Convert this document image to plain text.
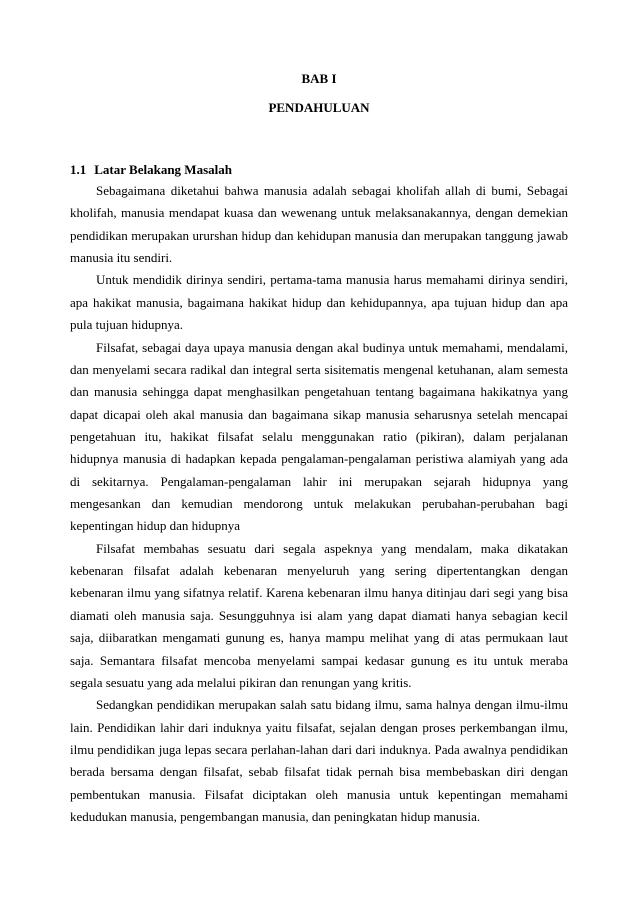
BAB I
PENDAHULUAN
1.1 Latar Belakang Masalah

Sebagaimana diketahui bahwa manusia adalah sebagai kholifah allah di bumi, Sebagai kholifah, manusia mendapat kuasa dan wewenang untuk melaksanakannya, dengan demekian pendidikan merupakan ururshan hidup dan kehidupan manusia dan merupakan tanggung jawab manusia itu sendiri.

Untuk mendidik dirinya sendiri, pertama-tama manusia harus memahami dirinya sendiri, apa hakikat manusia, bagaimana hakikat hidup dan kehidupannya, apa tujuan hidup dan apa pula tujuan hidupnya.

Filsafat, sebagai daya upaya manusia dengan akal budinya untuk memahami, mendalami, dan menyelami secara radikal dan integral serta sisitematis mengenal ketuhanan, alam semesta dan manusia sehingga dapat menghasilkan pengetahuan tentang bagaimana hakikatnya yang dapat dicapai oleh akal manusia dan bagaimana sikap manusia seharusnya setelah mencapai pengetahuan itu, hakikat filsafat selalu menggunakan ratio (pikiran), dalam perjalanan hidupnya manusia di hadapkan kepada pengalaman-pengalaman peristiwa alamiyah yang ada di sekitarnya. Pengalaman-pengalaman lahir ini merupakan sejarah hidupnya yang mengesankan dan kemudian mendorong untuk melakukan perubahan-perubahan bagi kepentingan hidup dan hidupnya

Filsafat membahas sesuatu dari segala aspeknya yang mendalam, maka dikatakan kebenaran filsafat adalah kebenaran menyeluruh yang sering dipertentangkan dengan kebenaran ilmu yang sifatnya relatif. Karena kebenaran ilmu hanya ditinjau dari segi yang bisa diamati oleh manusia saja. Sesungguhnya isi alam yang dapat diamati hanya sebagian kecil saja, diibaratkan mengamati gunung es, hanya mampu melihat yang di atas permukaan laut saja. Semantara filsafat mencoba menyelami sampai kedasar gunung es itu untuk meraba segala sesuatu yang ada melalui pikiran dan renungan yang kritis.

Sedangkan pendidikan merupakan salah satu bidang ilmu, sama halnya dengan ilmu-ilmu lain. Pendidikan lahir dari induknya yaitu filsafat, sejalan dengan proses perkembangan ilmu, ilmu pendidikan juga lepas secara perlahan-lahan dari dari induknya. Pada awalnya pendidikan berada bersama dengan filsafat, sebab filsafat tidak pernah bisa membebaskan diri dengan pembentukan manusia. Filsafat diciptakan oleh manusia untuk kepentingan memahami kedudukan manusia, pengembangan manusia, dan peningkatan hidup manusia.
